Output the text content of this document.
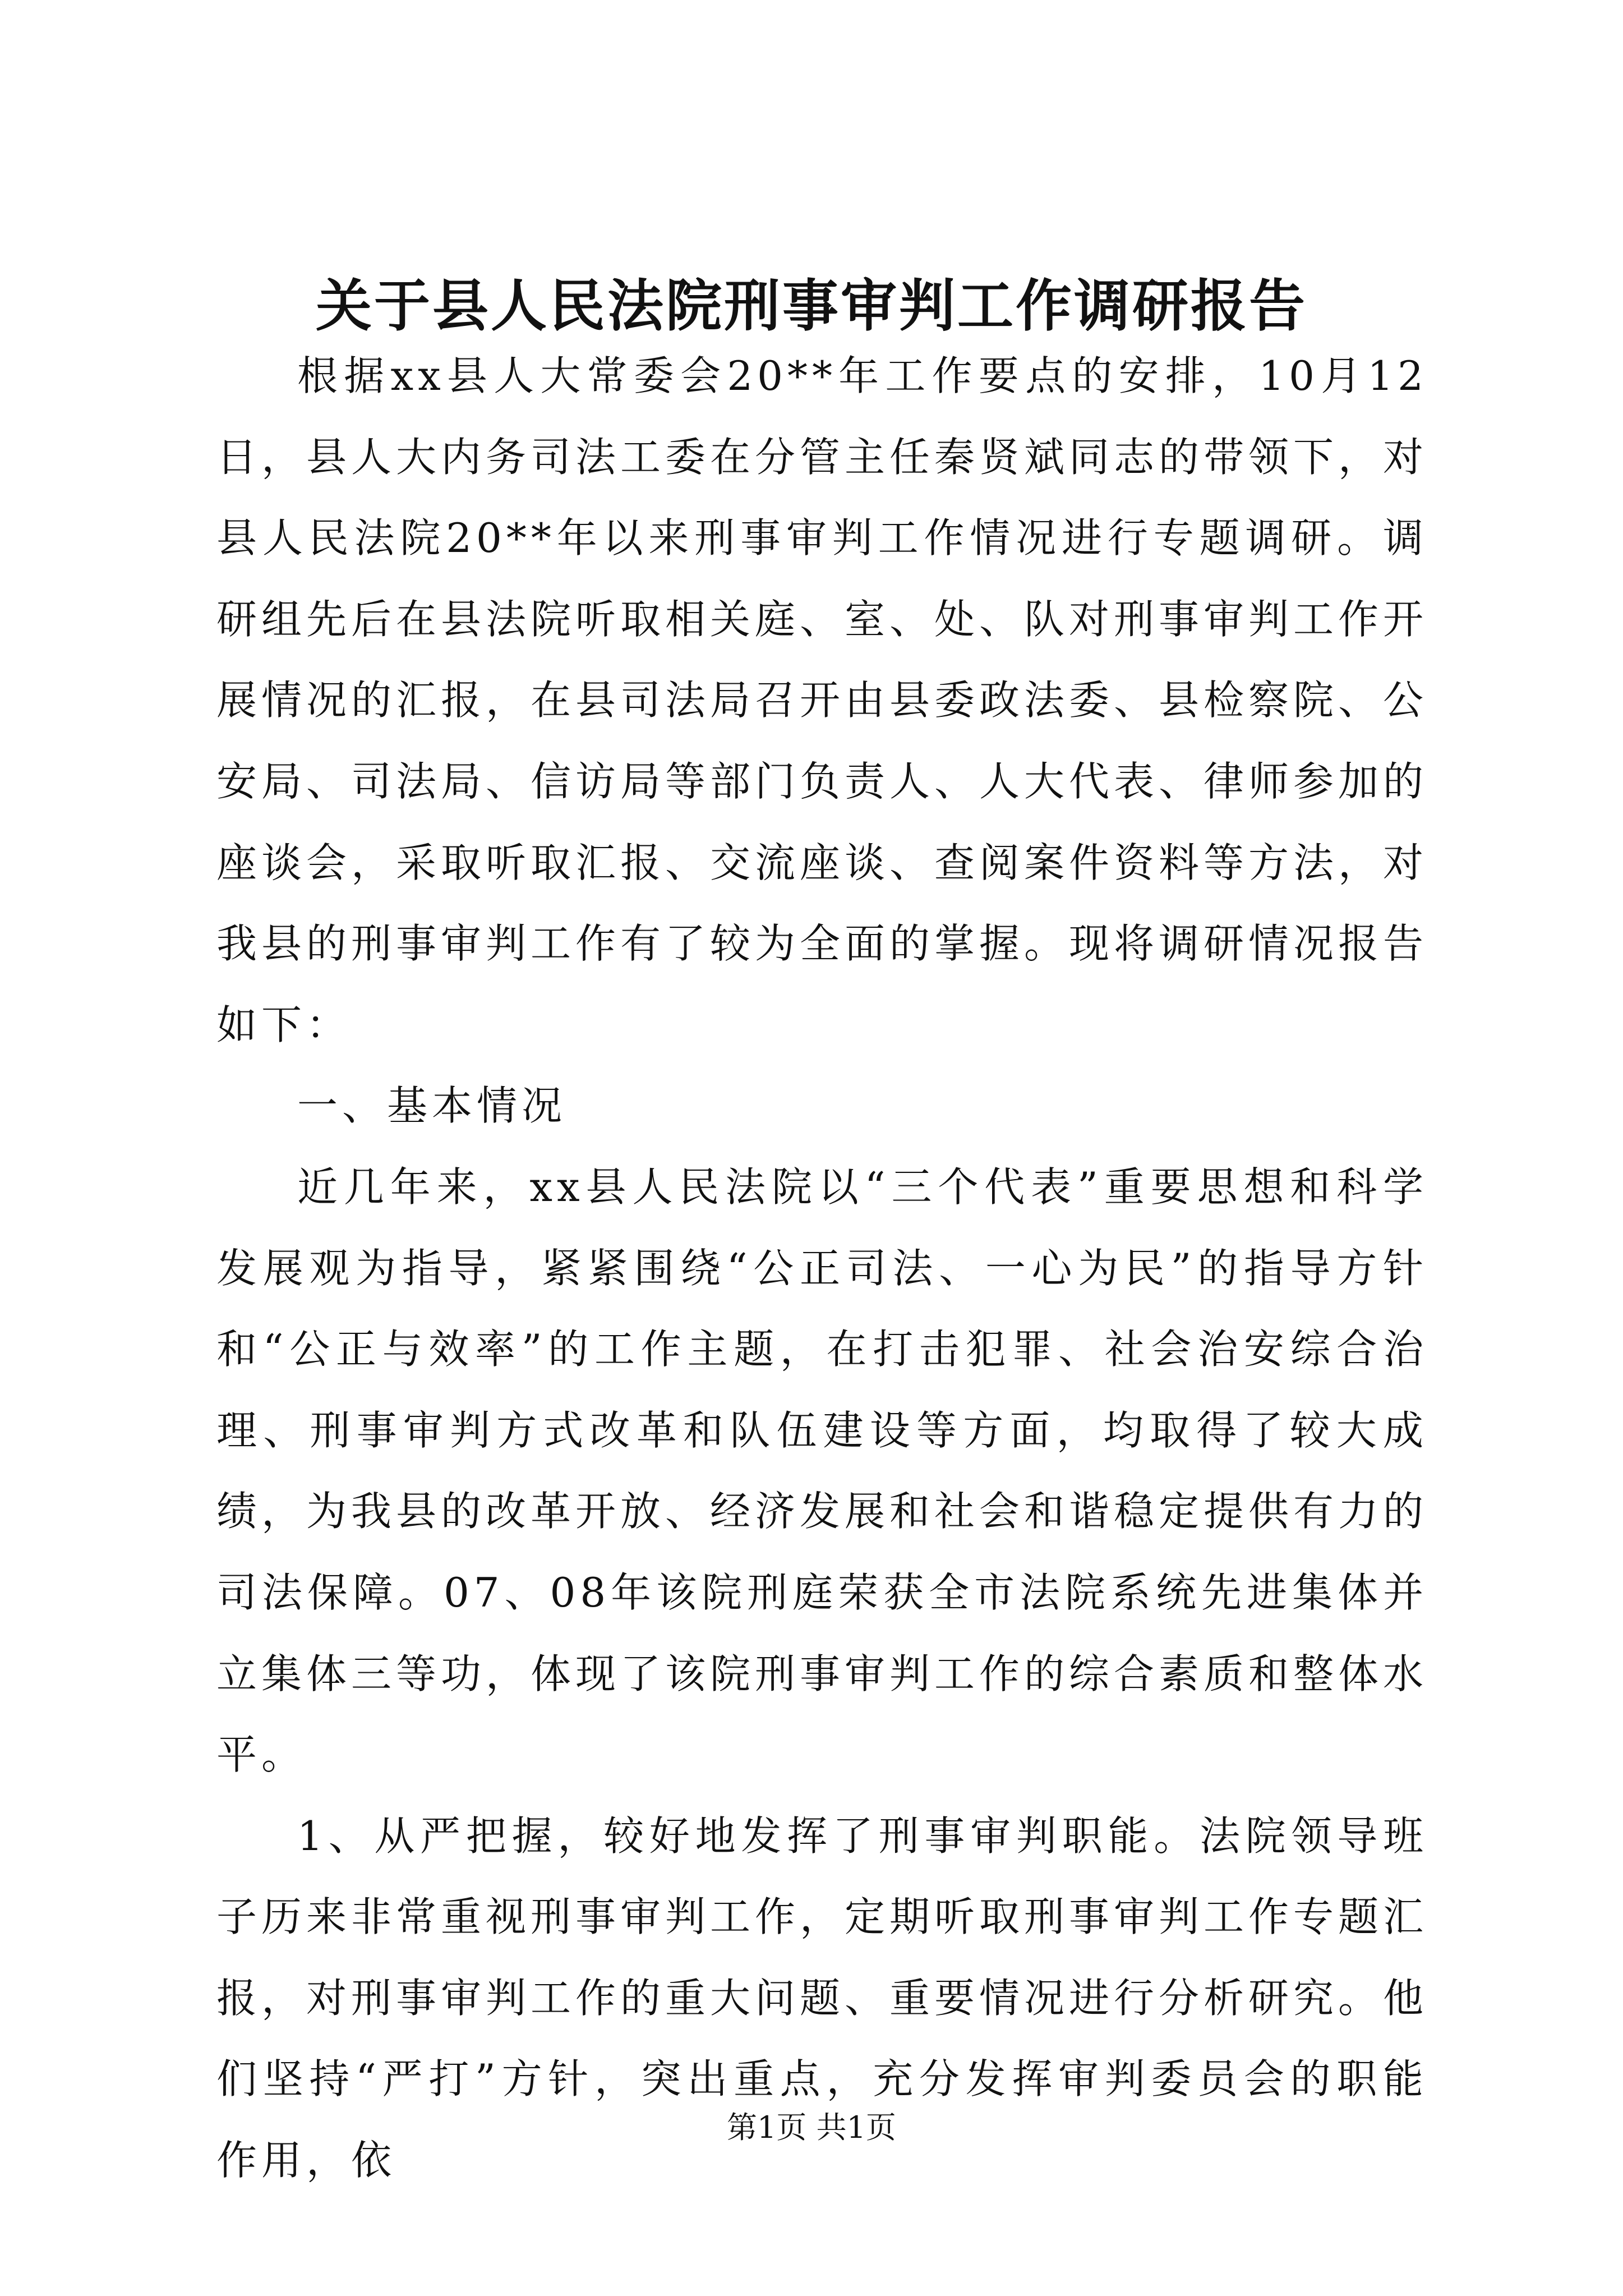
关于县人民法院刑事审判工作调研报告

根据xx县人大常委会20**年工作要点的安排，10月12日，县人大内务司法工委在分管主任秦贤斌同志的带领下，对县人民法院20**年以来刑事审判工作情况进行专题调研。调研组先后在县法院听取相关庭、室、处、队对刑事审判工作开展情况的汇报，在县司法局召开由县委政法委、县检察院、公安局、司法局、信访局等部门负责人、人大代表、律师参加的座谈会，采取听取汇报、交流座谈、查阅案件资料等方法，对我县的刑事审判工作有了较为全面的掌握。现将调研情况报告如下：

一、基本情况

近几年来，xx县人民法院以“三个代表”重要思想和科学发展观为指导，紧紧围绕“公正司法、一心为民”的指导方针和“公正与效率”的工作主题，在打击犯罪、社会治安综合治理、刑事审判方式改革和队伍建设等方面，均取得了较大成绩，为我县的改革开放、经济发展和社会和谐稳定提供有力的司法保障。07、08年该院刑庭荣获全市法院系统先进集体并立集体三等功，体现了该院刑事审判工作的综合素质和整体水平。

1、从严把握，较好地发挥了刑事审判职能。法院领导班子历来非常重视刑事审判工作，定期听取刑事审判工作专题汇报，对刑事审判工作的重大问题、重要情况进行分析研究。他们坚持“严打”方针，突出重点，充分发挥审判委员会的职能作用，依

第1页 共1页
